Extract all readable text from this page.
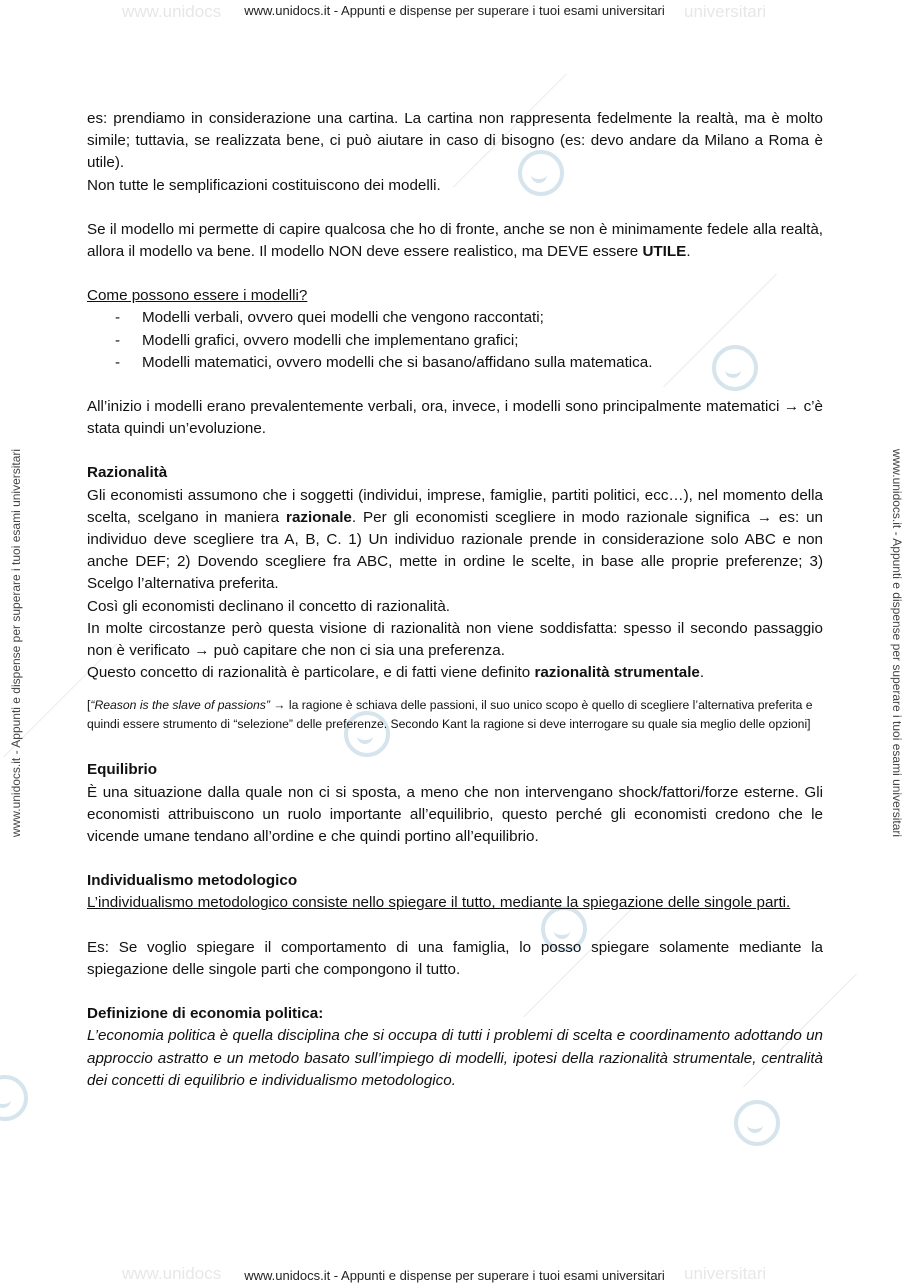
www.unidocs	universitari
www.unidocs	universitari
www.unidocs.it - Appunti e dispense per superare i tuoi esami universitari
www.unidocs.it - Appunti e dispense per superare i tuoi esami universitari
www.unidocs.it - Appunti e dispense per superare i tuoi esami universitari	www.unidocs.it - Appunti e dispense per superare i tuoi esami universitari

es: prendiamo in considerazione una cartina. La cartina non rappresenta fedelmente la realtà, ma è molto simile; tuttavia, se realizzata bene, ci può aiutare in caso di bisogno (es: devo andare da Milano a Roma è utile).

Non tutte le semplificazioni costituiscono dei modelli.

Se il modello mi permette di capire qualcosa che ho di fronte, anche se non è minimamente fedele alla realtà, allora il modello va bene. Il modello NON deve essere realistico, ma DEVE essere UTILE.

Come possono essere i modelli?

- Modelli verbali, ovvero quei modelli che vengono raccontati;
- Modelli grafici, ovvero modelli che implementano grafici;
- Modelli matematici, ovvero modelli che si basano/affidano sulla matematica.

All’inizio i modelli erano prevalentemente verbali, ora, invece, i modelli sono principalmente matematici → c’è stata quindi un’evoluzione.

Razionalità

Gli economisti assumono che i soggetti (individui, imprese, famiglie, partiti politici, ecc…), nel momento della scelta, scelgano in maniera razionale. Per gli economisti scegliere in modo razionale significa → es: un individuo deve scegliere tra A, B, C. 1) Un individuo razionale prende in considerazione solo ABC e non anche DEF; 2) Dovendo scegliere fra ABC, mette in ordine le scelte, in base alle proprie preferenze; 3) Scelgo l’alternativa preferita.

Così gli economisti declinano il concetto di razionalità.

In molte circostanze però questa visione di razionalità non viene soddisfatta: spesso il secondo passaggio non è verificato → può capitare che non ci sia una preferenza.

Questo concetto di razionalità è particolare, e di fatti viene definito razionalità strumentale.

[“Reason is the slave of passions” → la ragione è schiava delle passioni, il suo unico scopo è quello di scegliere l’alternativa preferita e quindi essere strumento di “selezione” delle preferenze. Secondo Kant la ragione si deve interrogare su quale sia meglio delle opzioni]

Equilibrio

È una situazione dalla quale non ci si sposta, a meno che non intervengano shock/fattori/forze esterne. Gli economisti attribuiscono un ruolo importante all’equilibrio, questo perché gli economisti credono che le vicende umane tendano all’ordine e che quindi portino all’equilibrio.

Individualismo metodologico

L’individualismo metodologico consiste nello spiegare il tutto, mediante la spiegazione delle singole parti.

Es: Se voglio spiegare il comportamento di una famiglia, lo posso spiegare solamente mediante la spiegazione delle singole parti che compongono il tutto.

Definizione di economia politica:

L’economia politica è quella disciplina che si occupa di tutti i problemi di scelta e coordinamento adottando un approccio astratto e un metodo basato sull’impiego di modelli, ipotesi della razionalità strumentale, centralità dei concetti di equilibrio e individualismo metodologico.
